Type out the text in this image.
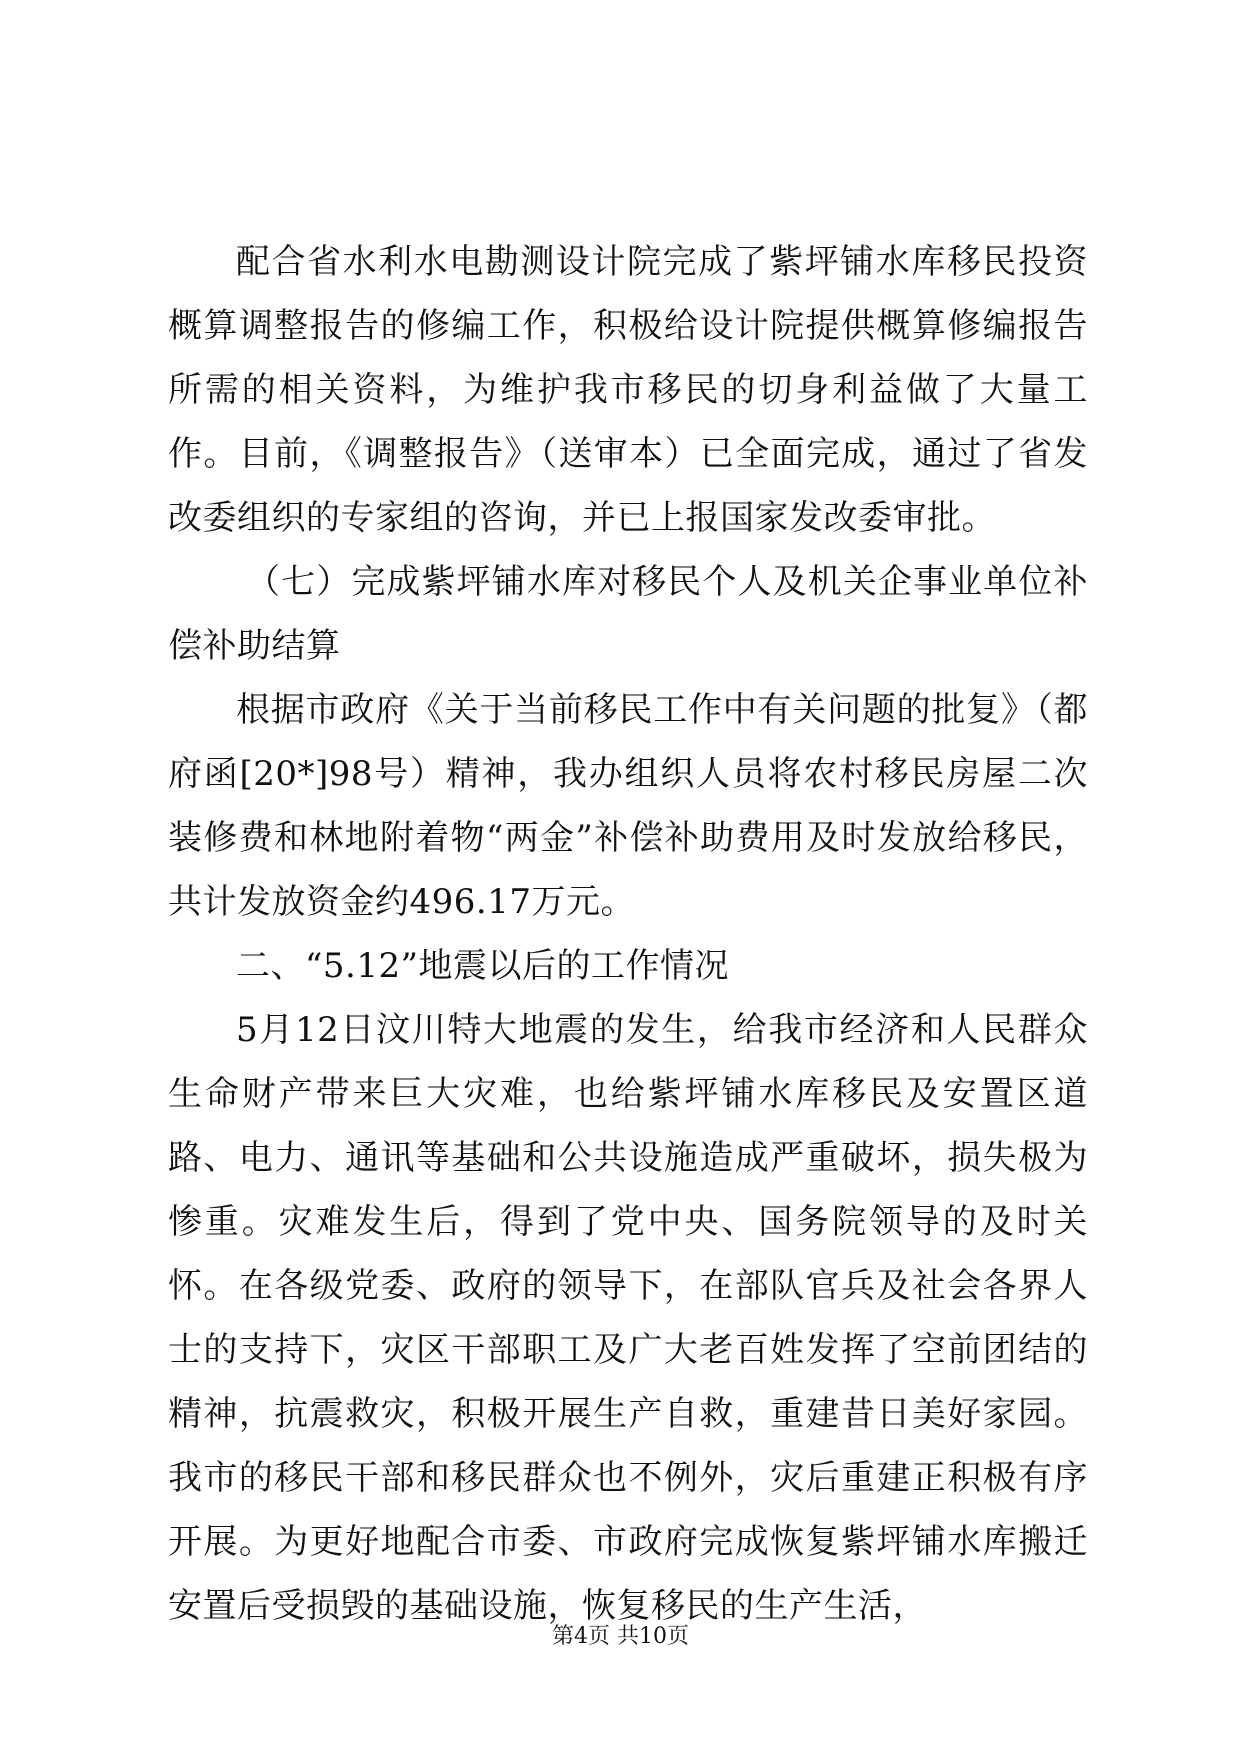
配合省水利水电勘测设计院完成了紫坪铺水库移民投资概算调整报告的修编工作，积极给设计院提供概算修编报告所需的相关资料，为维护我市移民的切身利益做了大量工作。目前，《调整报告》（送审本）已全面完成，通过了省发改委组织的专家组的咨询，并已上报国家发改委审批。

（七）完成紫坪铺水库对移民个人及机关企事业单位补偿补助结算

根据市政府《关于当前移民工作中有关问题的批复》（都府函[20*]98号）精神，我办组织人员将农村移民房屋二次装修费和林地附着物“两金”补偿补助费用及时发放给移民，共计发放资金约496.17万元。

二、“5.12”地震以后的工作情况

5月12日汶川特大地震的发生，给我市经济和人民群众生命财产带来巨大灾难，也给紫坪铺水库移民及安置区道路、电力、通讯等基础和公共设施造成严重破坏，损失极为惨重。灾难发生后，得到了党中央、国务院领导的及时关怀。在各级党委、政府的领导下，在部队官兵及社会各界人士的支持下，灾区干部职工及广大老百姓发挥了空前团结的精神，抗震救灾，积极开展生产自救，重建昔日美好家园。我市的移民干部和移民群众也不例外，灾后重建正积极有序开展。为更好地配合市委、市政府完成恢复紫坪铺水库搬迁安置后受损毁的基础设施，恢复移民的生产生活，

第4页 共10页
